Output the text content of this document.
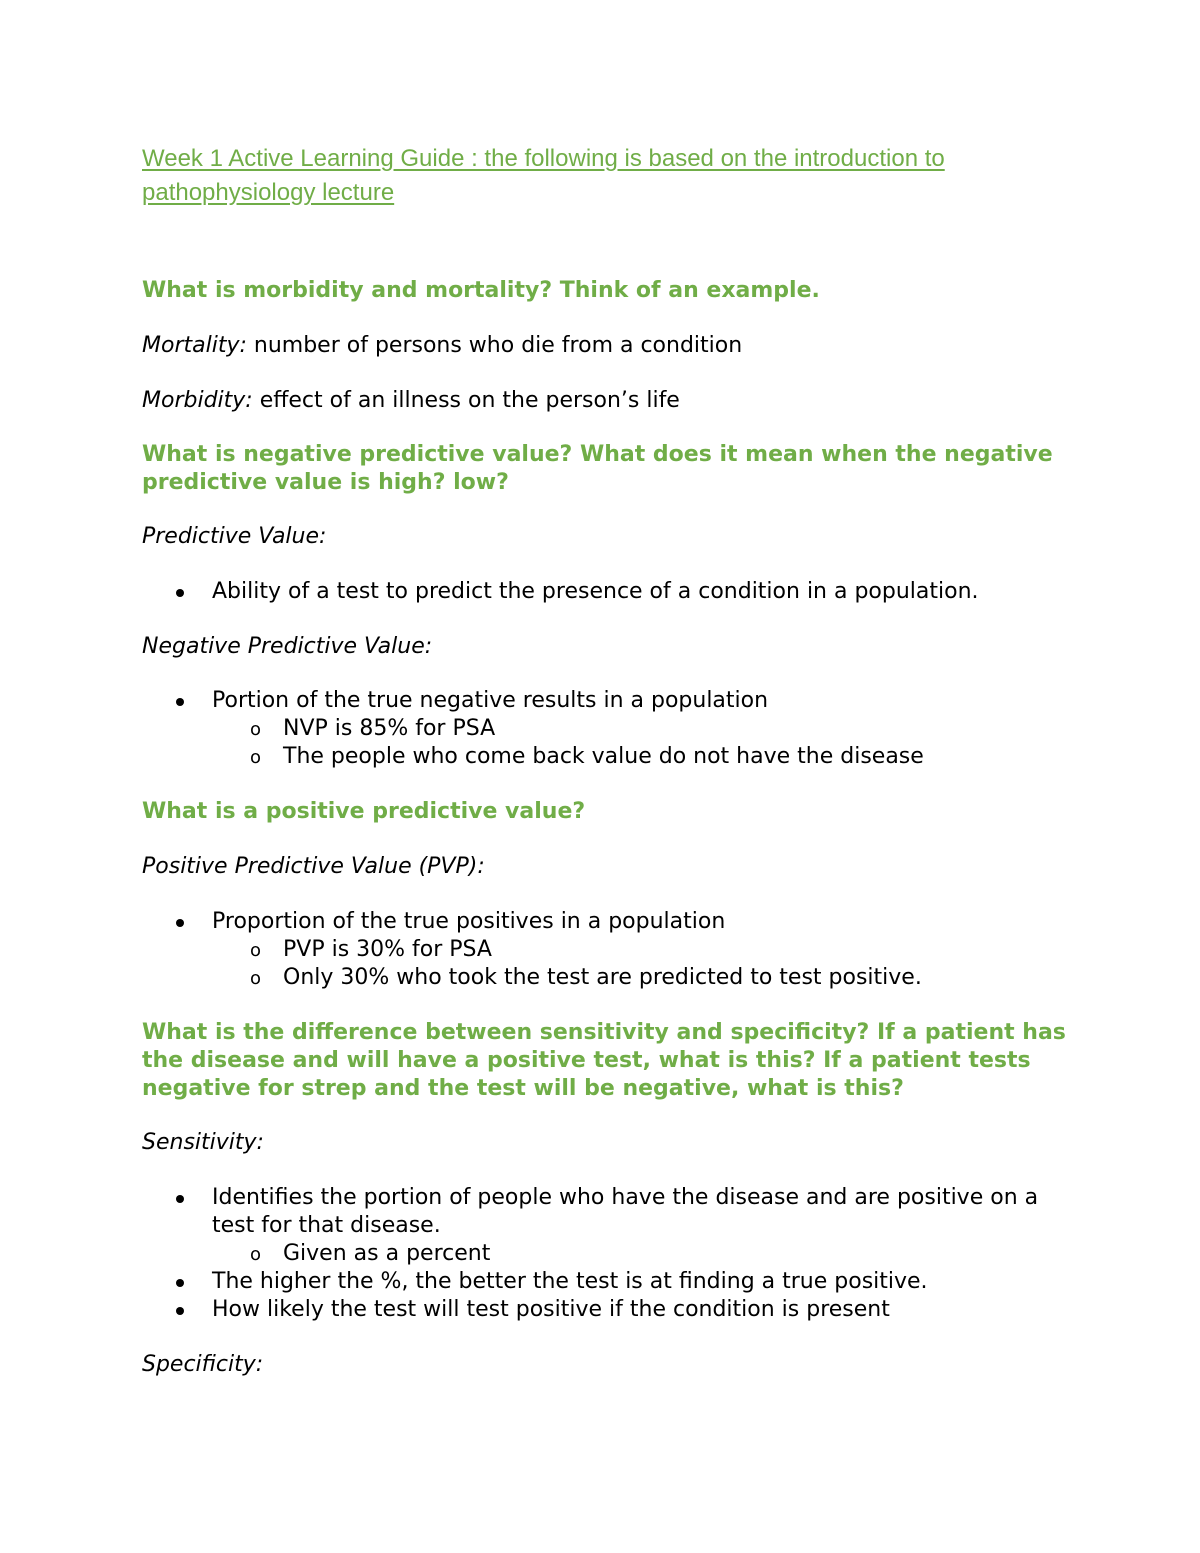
Week 1 Active Learning Guide : the following is based on the introduction to pathophysiology lecture
What is morbidity and mortality? Think of an example.

Mortality: number of persons who die from a condition

Morbidity: effect of an illness on the person’s life

What is negative predictive value? What does it mean when the negative predictive value is high? low?

Predictive Value:

Ability of a test to predict the presence of a condition in a population.

Negative Predictive Value:

Portion of the true negative results in a population
o NVP is 85% for PSA
o The people who come back value do not have the disease
What is a positive predictive value?

Positive Predictive Value (PVP):

Proportion of the true positives in a population
o PVP is 30% for PSA
o Only 30% who took the test are predicted to test positive.
What is the difference between sensitivity and specificity? If a patient has the disease and will have a positive test, what is this? If a patient tests negative for strep and the test will be negative, what is this?

Sensitivity:

Identifies the portion of people who have the disease and are positive on a test for that disease.
o Given as a percent
The higher the %, the better the test is at finding a true positive.
How likely the test will test positive if the condition is present

Specificity:
